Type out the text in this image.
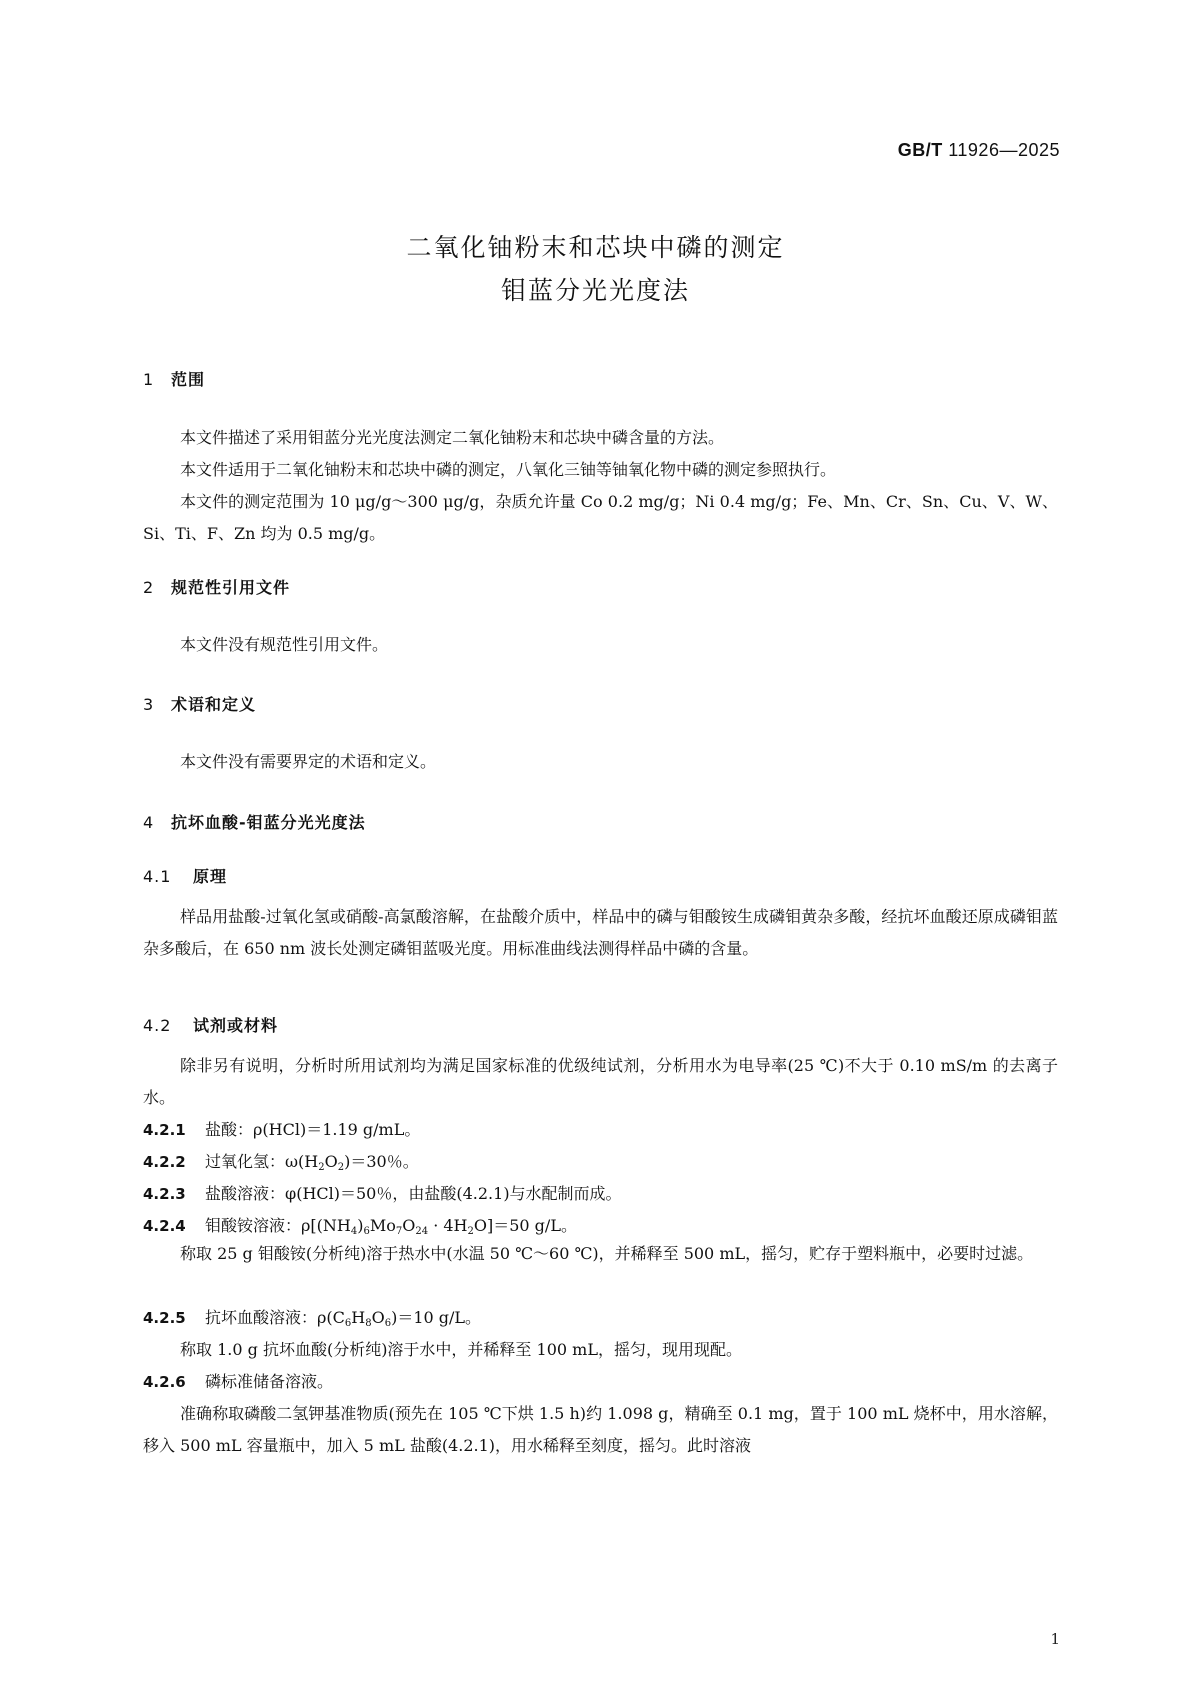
GB/T 11926—2025
二氧化铀粉末和芯块中磷的测定
钼蓝分光光度法
1 范围
本文件描述了采用钼蓝分光光度法测定二氧化铀粉末和芯块中磷含量的方法。
本文件适用于二氧化铀粉末和芯块中磷的测定，八氧化三铀等铀氧化物中磷的测定参照执行。
本文件的测定范围为 10 μg/g～300 μg/g，杂质允许量 Co 0.2 mg/g；Ni 0.4 mg/g；Fe、Mn、Cr、Sn、Cu、V、W、Si、Ti、F、Zn 均为 0.5 mg/g。
2 规范性引用文件
本文件没有规范性引用文件。
3 术语和定义
本文件没有需要界定的术语和定义。
4 抗坏血酸-钼蓝分光光度法
4.1 原理
样品用盐酸-过氧化氢或硝酸-高氯酸溶解，在盐酸介质中，样品中的磷与钼酸铵生成磷钼黄杂多酸，经抗坏血酸还原成磷钼蓝杂多酸后，在 650 nm 波长处测定磷钼蓝吸光度。用标准曲线法测得样品中磷的含量。
4.2 试剂或材料
除非另有说明，分析时所用试剂均为满足国家标准的优级纯试剂，分析用水为电导率(25 ℃)不大于 0.10 mS/m 的去离子水。
4.2.1 盐酸：ρ(HCl)＝1.19 g/mL。
4.2.2 过氧化氢：$\omega(H_2O_2)=30$％。
4.2.3 盐酸溶液：φ(HCl)＝50％，由盐酸(4.2.1)与水配制而成。
4.2.4 钼酸铵溶液：$\rho[(NH_4)_6Mo_7O_{24} \cdot 4H_2O]=50$ g/L。
称取 25 g 钼酸铵(分析纯)溶于热水中(水温 50 ℃～60 ℃)，并稀释至 500 mL，摇匀，贮存于塑料瓶中，必要时过滤。
4.2.5 抗坏血酸溶液：$\rho(C_6H_8O_6)=10$ g/L。
称取 1.0 g 抗坏血酸(分析纯)溶于水中，并稀释至 100 mL，摇匀，现用现配。
4.2.6 磷标准储备溶液。
准确称取磷酸二氢钾基准物质(预先在 105 ℃下烘 1.5 h)约 1.098 g，精确至 0.1 mg，置于 100 mL 烧杯中，用水溶解，移入 500 mL 容量瓶中，加入 5 mL 盐酸(4.2.1)，用水稀释至刻度，摇匀。此时溶液
1
